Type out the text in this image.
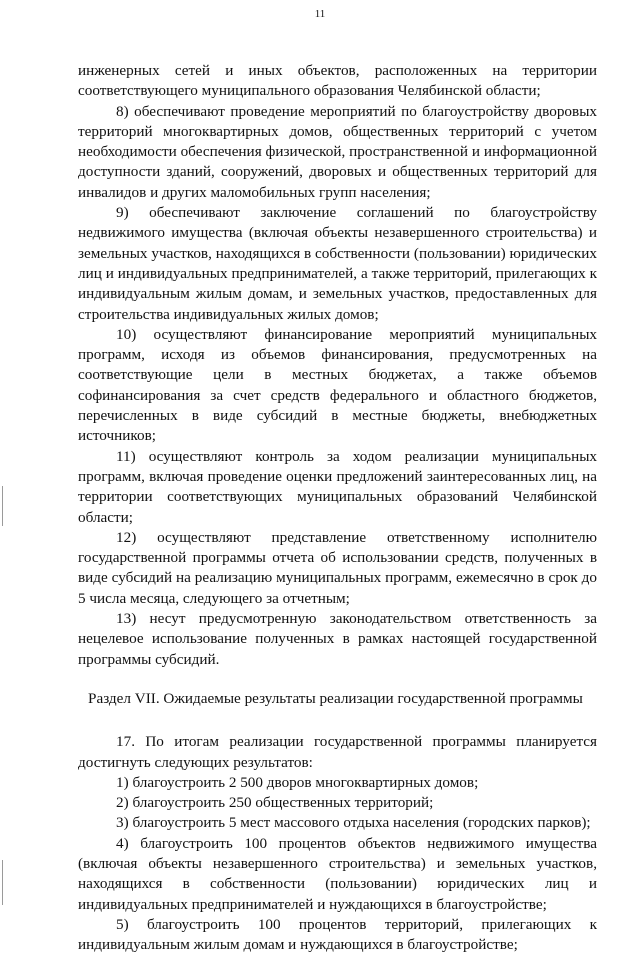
11

инженерных сетей и иных объектов, расположенных на территории соответствующего муниципального образования Челябинской области;

8) обеспечивают проведение мероприятий по благоустройству дворовых территорий многоквартирных домов, общественных территорий с учетом необходимости обеспечения физической, пространственной и информационной доступности зданий, сооружений, дворовых и общественных территорий для инвалидов и других маломобильных групп населения;

9) обеспечивают заключение соглашений по благоустройству недвижимого имущества (включая объекты незавершенного строительства) и земельных участков, находящихся в собственности (пользовании) юридических лиц и индивидуальных предпринимателей, а также территорий, прилегающих к индивидуальным жилым домам, и земельных участков, предоставленных для строительства индивидуальных жилых домов;

10) осуществляют финансирование мероприятий муниципальных программ, исходя из объемов финансирования, предусмотренных на соответствующие цели в местных бюджетах, а также объемов софинансирования за счет средств федерального и областного бюджетов, перечисленных в виде субсидий в местные бюджеты, внебюджетных источников;

11) осуществляют контроль за ходом реализации муниципальных программ, включая проведение оценки предложений заинтересованных лиц, на территории соответствующих муниципальных образований Челябинской области;

12) осуществляют представление ответственному исполнителю государственной программы отчета об использовании средств, полученных в виде субсидий на реализацию муниципальных программ, ежемесячно в срок до 5 числа месяца, следующего за отчетным;

13) несут предусмотренную законодательством ответственность за нецелевое использование полученных в рамках настоящей государственной программы субсидий.

Раздел VII. Ожидаемые результаты реализации государственной программы

17. По итогам реализации государственной программы планируется достигнуть следующих результатов:

1) благоустроить 2 500 дворов многоквартирных домов;

2) благоустроить 250 общественных территорий;

3) благоустроить 5 мест массового отдыха населения (городских парков);

4) благоустроить 100 процентов объектов недвижимого имущества (включая объекты незавершенного строительства) и земельных участков, находящихся в собственности (пользовании) юридических лиц и индивидуальных предпринимателей и нуждающихся в благоустройстве;

5) благоустроить 100 процентов территорий, прилегающих к индивидуальным жилым домам и нуждающихся в благоустройстве;
